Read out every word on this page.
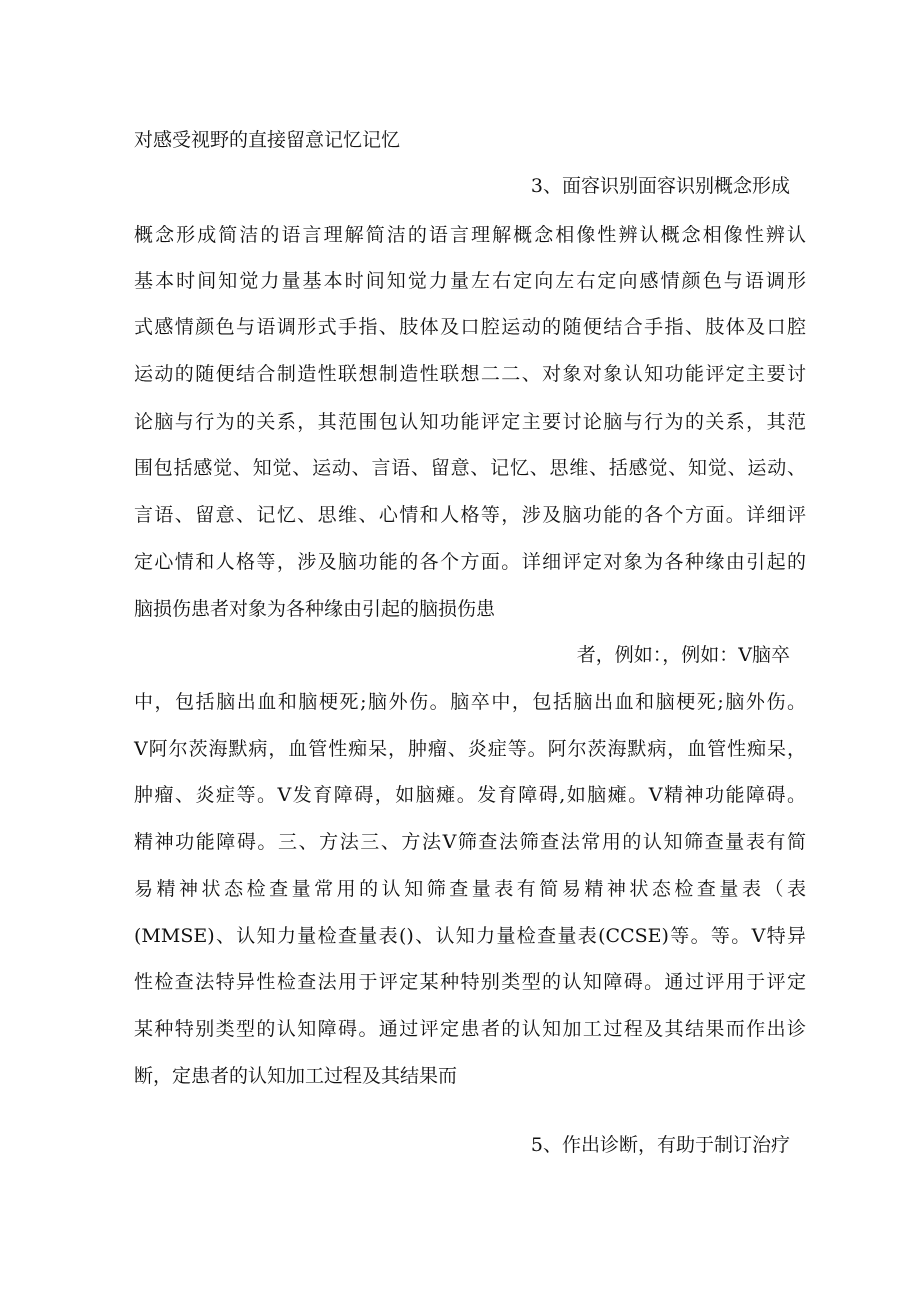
对感受视野的直接留意记忆记忆
3、面容识别面容识别概念形成
概念形成简洁的语言理解简洁的语言理解概念相像性辨认概念相像性辨认
基本时间知觉力量基本时间知觉力量左右定向左右定向感情颜色与语调形
式感情颜色与语调形式手指、肢体及口腔运动的随便结合手指、肢体及口腔
运动的随便结合制造性联想制造性联想二二、对象对象认知功能评定主要讨
论脑与行为的关系，其范围包认知功能评定主要讨论脑与行为的关系，其范
围包括感觉、知觉、运动、言语、留意、记忆、思维、括感觉、知觉、运动、
言语、留意、记忆、思维、心情和人格等，涉及脑功能的各个方面。详细评
定心情和人格等，涉及脑功能的各个方面。详细评定对象为各种缘由引起的
脑损伤患者对象为各种缘由引起的脑损伤患
者，例如：，例如：V脑卒
中，包括脑出血和脑梗死;脑外伤。脑卒中，包括脑出血和脑梗死;脑外伤。
V阿尔茨海默病，血管性痴呆，肿瘤、炎症等。阿尔茨海默病，血管性痴呆，
肿瘤、炎症等。V发育障碍，如脑瘫。发育障碍,如脑瘫。V精神功能障碍。
精神功能障碍。三、方法三、方法V筛查法筛查法常用的认知筛查量表有简
易精神状态检查量常用的认知筛查量表有简易精神状态检查量表（表
(MMSE)、认知力量检查量表()、认知力量检查量表(CCSE)等。等。V特异
性检查法特异性检查法用于评定某种特别类型的认知障碍。通过评用于评定
某种特别类型的认知障碍。通过评定患者的认知加工过程及其结果而作出诊
断，定患者的认知加工过程及其结果而
5、作出诊断，有助于制订治疗
